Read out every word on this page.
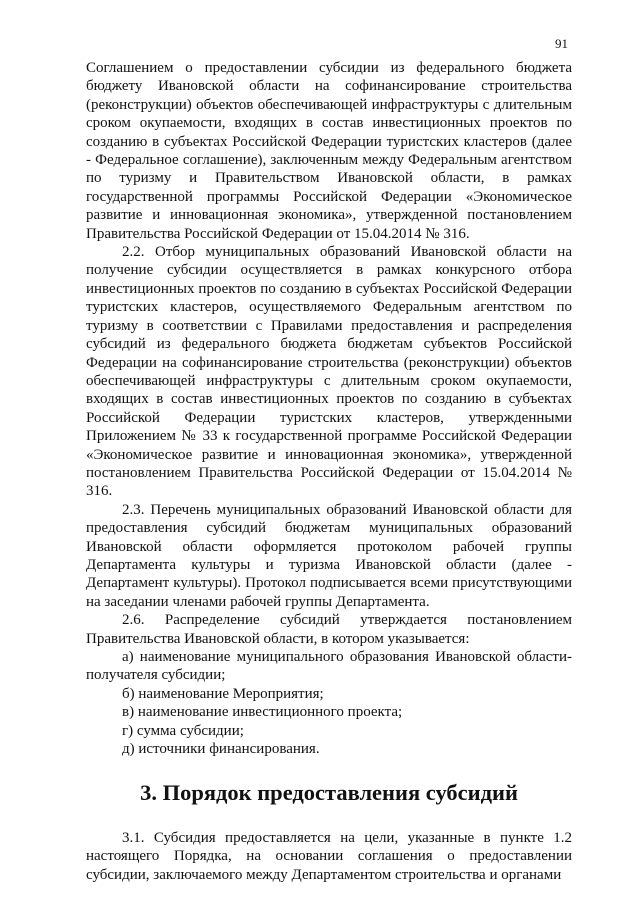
91

Соглашением о предоставлении субсидии из федерального бюджета бюджету Ивановской области на софинансирование строительства (реконструкции) объектов обеспечивающей инфраструктуры с длительным сроком окупаемости, входящих в состав инвестиционных проектов по созданию в субъектах Российской Федерации туристских кластеров (далее - Федеральное соглашение), заключенным между Федеральным агентством по туризму и Правительством Ивановской области, в рамках государственной программы Российской Федерации «Экономическое развитие и инновационная экономика», утвержденной постановлением Правительства Российской Федерации от 15.04.2014 № 316.

2.2. Отбор муниципальных образований Ивановской области на получение субсидии осуществляется в рамках конкурсного отбора инвестиционных проектов по созданию в субъектах Российской Федерации туристских кластеров, осуществляемого Федеральным агентством по туризму в соответствии с Правилами предоставления и распределения субсидий из федерального бюджета бюджетам субъектов Российской Федерации на софинансирование строительства (реконструкции) объектов обеспечивающей инфраструктуры с длительным сроком окупаемости, входящих в состав инвестиционных проектов по созданию в субъектах Российской Федерации туристских кластеров, утвержденными Приложением № 33 к государственной программе Российской Федерации «Экономическое развитие и инновационная экономика», утвержденной постановлением Правительства Российской Федерации от 15.04.2014 № 316.

2.3. Перечень муниципальных образований Ивановской области для предоставления субсидий бюджетам муниципальных образований Ивановской области оформляется протоколом рабочей группы Департамента культуры и туризма Ивановской области (далее - Департамент культуры). Протокол подписывается всеми присутствующими на заседании членами рабочей группы Департамента.

2.6. Распределение субсидий утверждается постановлением Правительства Ивановской области, в котором указывается:

а) наименование муниципального образования Ивановской области-получателя субсидии;

б) наименование Мероприятия;

в) наименование инвестиционного проекта;

г) сумма субсидии;

д) источники финансирования.

3. Порядок предоставления субсидий

3.1. Субсидия предоставляется на цели, указанные в пункте 1.2 настоящего Порядка, на основании соглашения о предоставлении субсидии, заключаемого между Департаментом строительства и органами
